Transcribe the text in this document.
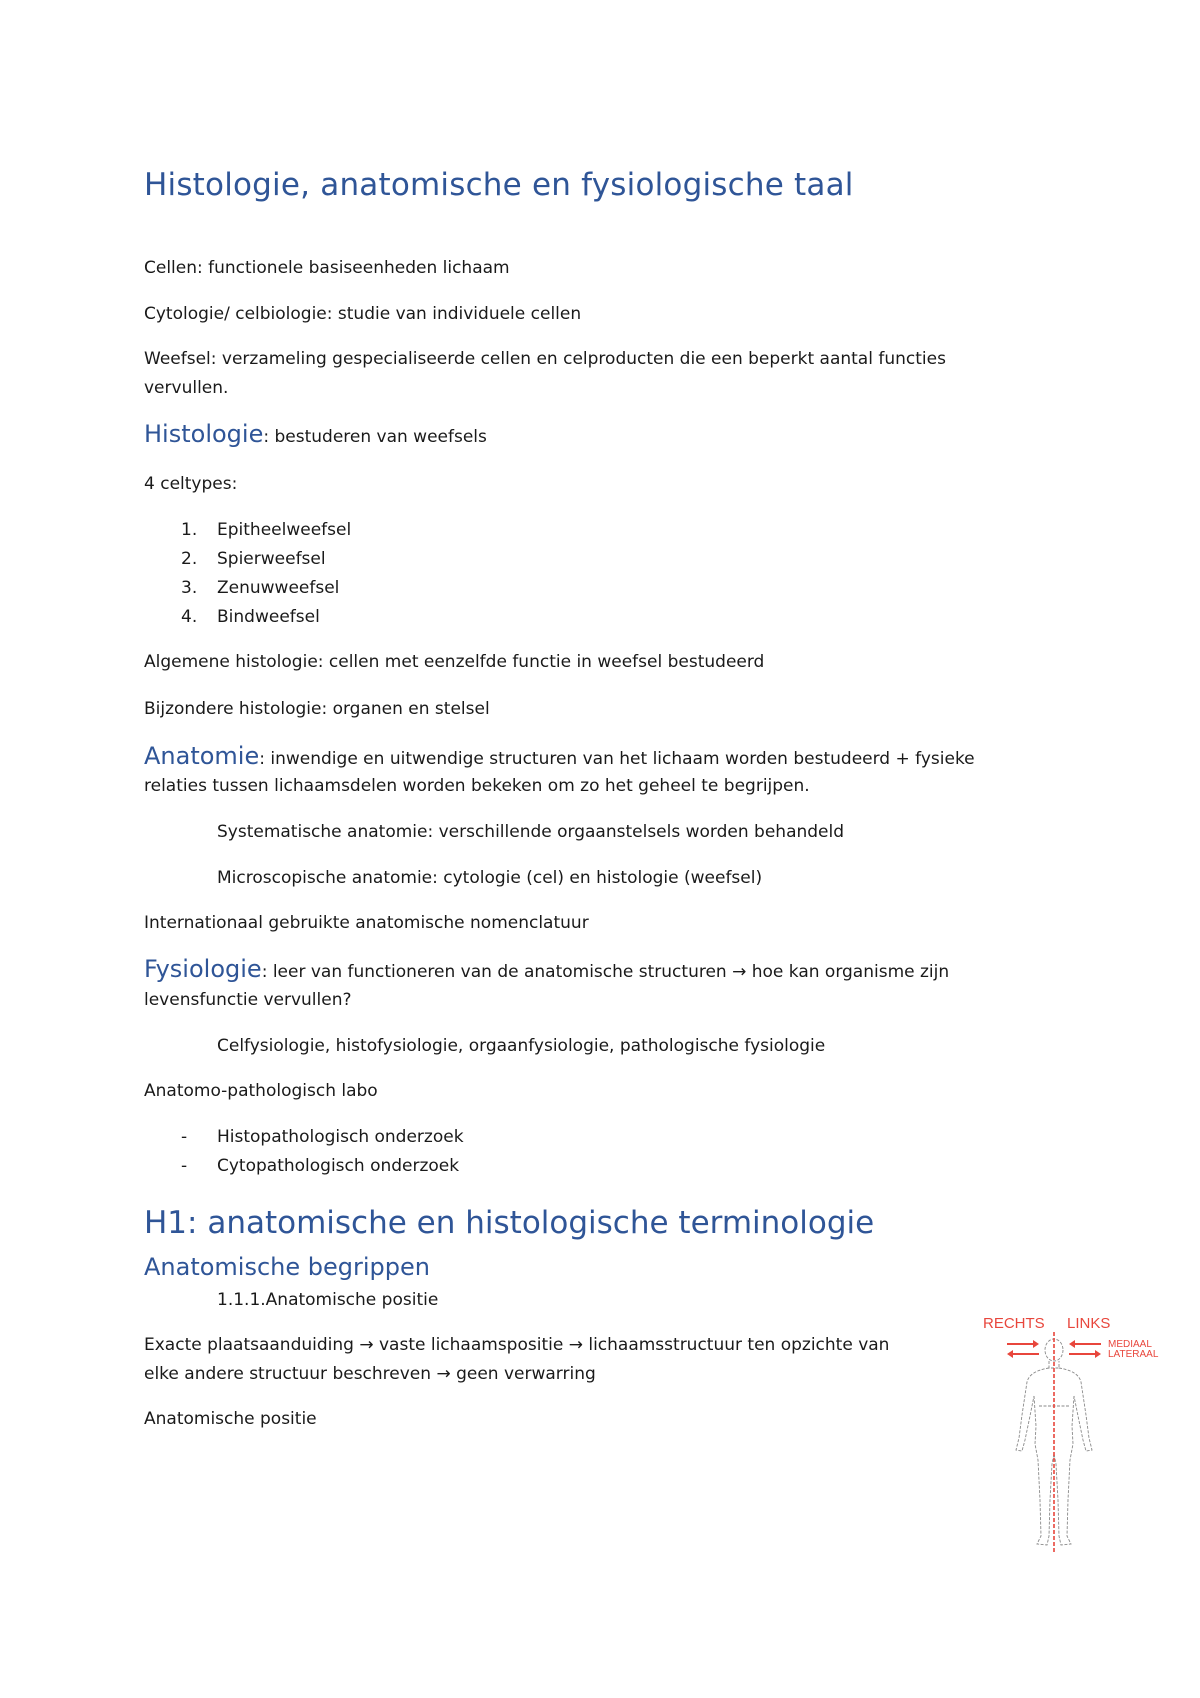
Histologie, anatomische en fysiologische taal
Cellen: functionele basiseenheden lichaam
Cytologie/ celbiologie: studie van individuele cellen
Weefsel: verzameling gespecialiseerde cellen en celproducten die een beperkt aantal functies
vervullen.
Histologie: bestuderen van weefsels
4 celtypes:
1. Epitheelweefsel
2. Spierweefsel
3. Zenuwweefsel
4. Bindweefsel
Algemene histologie: cellen met eenzelfde functie in weefsel bestudeerd
Bijzondere histologie: organen en stelsel
Anatomie: inwendige en uitwendige structuren van het lichaam worden bestudeerd + fysieke
relaties tussen lichaamsdelen worden bekeken om zo het geheel te begrijpen.
Systematische anatomie: verschillende orgaanstelsels worden behandeld
Microscopische anatomie: cytologie (cel) en histologie (weefsel)
Internationaal gebruikte anatomische nomenclatuur
Fysiologie: leer van functioneren van de anatomische structuren → hoe kan organisme zijn
levensfunctie vervullen?
Celfysiologie, histofysiologie, orgaanfysiologie, pathologische fysiologie
Anatomo-pathologisch labo
- Histopathologisch onderzoek
- Cytopathologisch onderzoek
H1: anatomische en histologische terminologie
Anatomische begrippen
1.1.1.Anatomische positie
Exacte plaatsaanduiding → vaste lichaamspositie → lichaamsstructuur ten opzichte van
elke andere structuur beschreven → geen verwarring
Anatomische positie
RECHTS LINKS
MEDIAAL
LATERAAL
